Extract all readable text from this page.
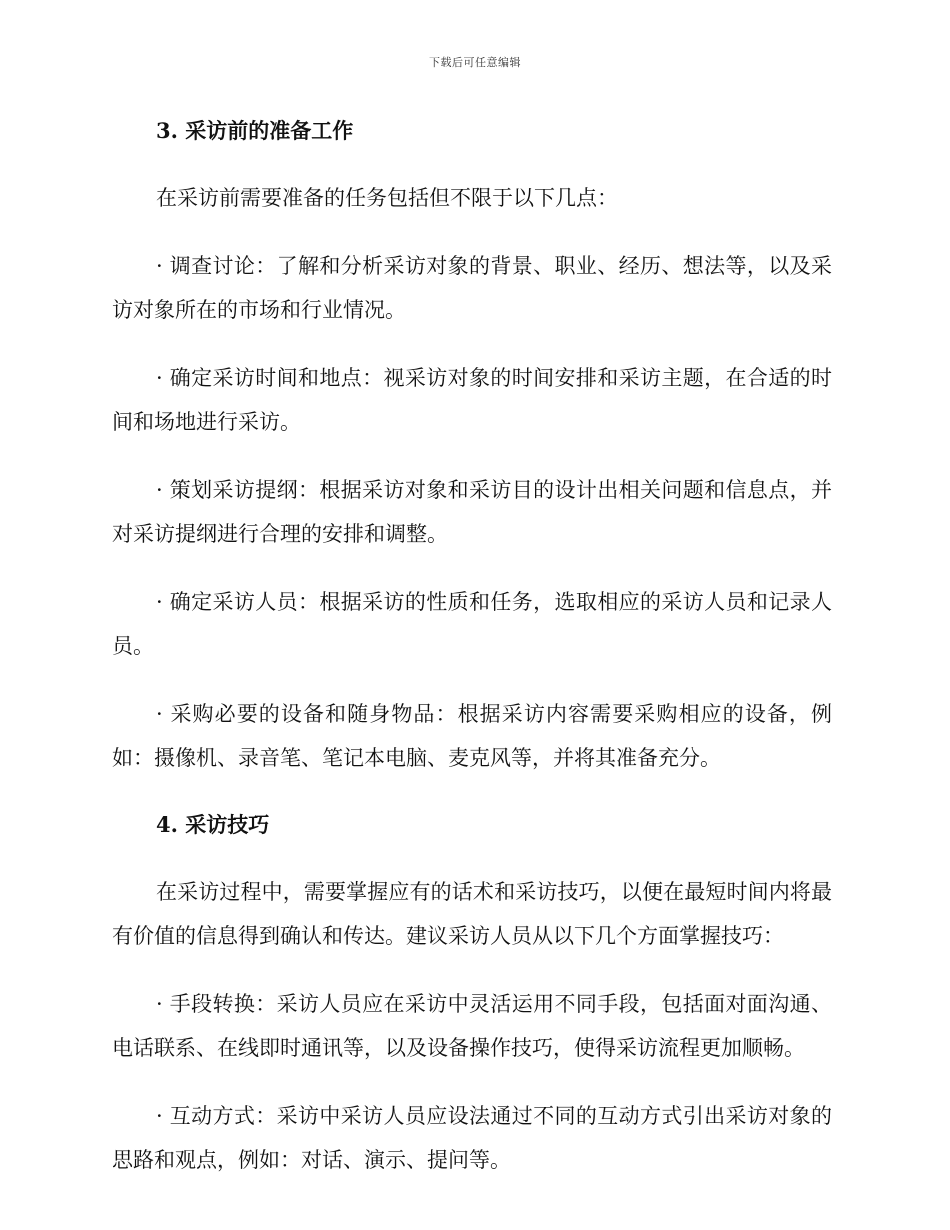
下载后可任意编辑
3. 采访前的准备工作

在采访前需要准备的任务包括但不限于以下几点：

· 调查讨论：了解和分析采访对象的背景、职业、经历、想法等，以及采访对象所在的市场和行业情况。

· 确定采访时间和地点：视采访对象的时间安排和采访主题，在合适的时间和场地进行采访。

· 策划采访提纲：根据采访对象和采访目的设计出相关问题和信息点，并对采访提纲进行合理的安排和调整。

· 确定采访人员：根据采访的性质和任务，选取相应的采访人员和记录人员。

· 采购必要的设备和随身物品：根据采访内容需要采购相应的设备，例如：摄像机、录音笔、笔记本电脑、麦克风等，并将其准备充分。

4. 采访技巧

在采访过程中，需要掌握应有的话术和采访技巧，以便在最短时间内将最有价值的信息得到确认和传达。建议采访人员从以下几个方面掌握技巧：

· 手段转换：采访人员应在采访中灵活运用不同手段，包括面对面沟通、电话联系、在线即时通讯等，以及设备操作技巧，使得采访流程更加顺畅。

· 互动方式：采访中采访人员应设法通过不同的互动方式引出采访对象的思路和观点，例如：对话、演示、提问等。
